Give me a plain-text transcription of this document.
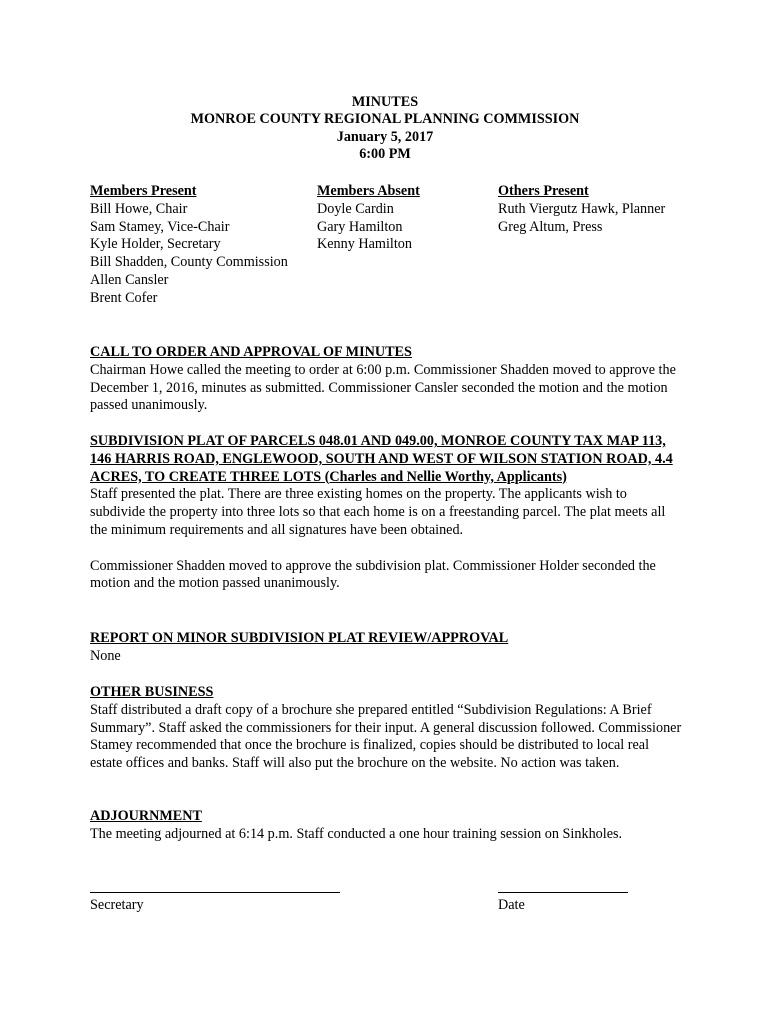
MINUTES
MONROE COUNTY REGIONAL PLANNING COMMISSION
January 5, 2017
6:00 PM
Members Present
Bill Howe, Chair
Sam Stamey, Vice-Chair
Kyle Holder, Secretary
Bill Shadden, County Commission
Allen Cansler
Brent Cofer
Members Absent
Doyle Cardin
Gary Hamilton
Kenny Hamilton
Others Present
Ruth Viergutz Hawk, Planner
Greg Altum, Press
CALL TO ORDER AND APPROVAL OF MINUTES

Chairman Howe called the meeting to order at 6:00 p.m. Commissioner Shadden moved to approve the December 1, 2016, minutes as submitted. Commissioner Cansler seconded the motion and the motion passed unanimously.

SUBDIVISION PLAT OF PARCELS 048.01 AND 049.00, MONROE COUNTY TAX MAP 113, 146 HARRIS ROAD, ENGLEWOOD, SOUTH AND WEST OF WILSON STATION ROAD, 4.4 ACRES, TO CREATE THREE LOTS (Charles and Nellie Worthy, Applicants)

Staff presented the plat. There are three existing homes on the property. The applicants wish to subdivide the property into three lots so that each home is on a freestanding parcel. The plat meets all the minimum requirements and all signatures have been obtained.

Commissioner Shadden moved to approve the subdivision plat. Commissioner Holder seconded the motion and the motion passed unanimously.

REPORT ON MINOR SUBDIVISION PLAT REVIEW/APPROVAL

None

OTHER BUSINESS

Staff distributed a draft copy of a brochure she prepared entitled “Subdivision Regulations: A Brief Summary”. Staff asked the commissioners for their input. A general discussion followed. Commissioner Stamey recommended that once the brochure is finalized, copies should be distributed to local real estate offices and banks. Staff will also put the brochure on the website. No action was taken.

ADJOURNMENT

The meeting adjourned at 6:14 p.m. Staff conducted a one hour training session on Sinkholes.

Secretary	Date
